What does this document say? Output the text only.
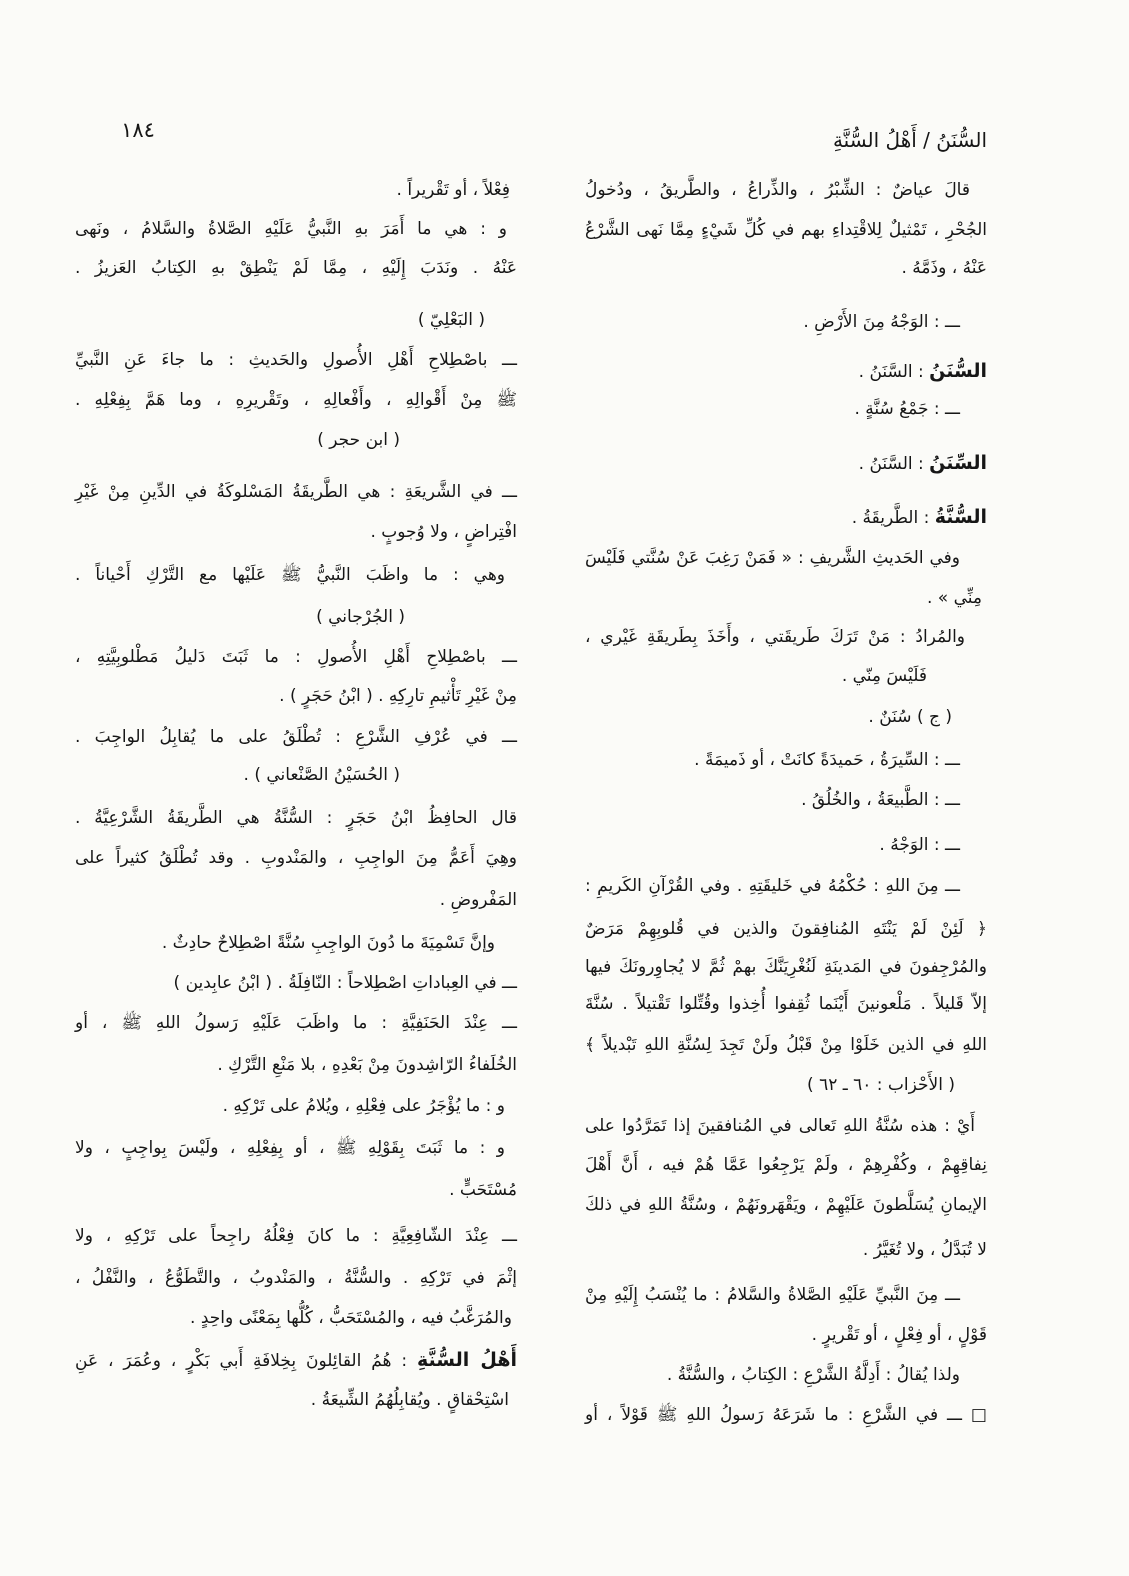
السُّنَنُ / أَهْلُ السُّنَّةِ
١٨٤
قالَ عياضٌ : الشِّبْرُ ، والذِّراعُ ، والطَّريقُ ، ودُخولُ
الجُحْرِ ، تَمْثيلٌ لِلاقْتِداءِ بهم في كُلِّ شَيْءٍ مِمَّا نَهى الشَّرْعُ
عَنْهُ ، وذَمَّهُ .
ـــ : الوَجْهُ مِنَ الأَرْضِ .
السُّنَنُ : السَّنَنُ .
ـــ : جَمْعُ سُنَّةٍ .
السِّنَنُ : السَّنَنُ .
السُّنَّةُ : الطَّريقَةُ .
وفي الحَديثِ الشَّريفِ : « فَمَنْ رَغِبَ عَنْ سُنَّتي فَلَيْسَ
مِنِّي » .
والمُرادُ : مَنْ تَرَكَ طَريقَتي ، وأَخَذَ بِطَريقَةِ غَيْري ،
فَلَيْسَ مِنّي .
( ج ) سُنَنٌ .
ـــ : السِّيرَةُ ، حَميدَةً كانَتْ ، أو ذَميمَةً .
ـــ : الطَّبيعَةُ ، والخُلُقُ .
ـــ : الوَجْهُ .
ـــ مِنَ اللهِ : حُكْمُهُ في خَليقَتِهِ . وفي القُرْآنِ الكَريمِ :
﴿ لَئِنْ لَمْ يَنْتَهِ المُنافِقونَ والذين في قُلوبِهِمْ مَرَضٌ
والمُرْجِفونَ في المَدينَةِ لَنُغْرِيَنَّكَ بهمْ ثُمَّ لا يُجاوِرونَكَ فيها
إلاّ قَليلاً . مَلْعونينَ أَيْنَما ثُقِفوا أُخِذوا وقُتِّلوا تَقْتيلاً . سُنَّةَ
اللهِ في الذين خَلَوْا مِنْ قَبْلُ ولَنْ تَجِدَ لِسُنَّةِ اللهِ تَبْديلاً ﴾
( الأَحْزاب : ٦٠ ـ ٦٢ )
أَيْ : هذه سُنَّةُ اللهِ تَعالى في المُنافقينَ إذا تَمَرَّدُوا على
نِفاقِهِمْ ، وكُفْرِهِمْ ، ولَمْ يَرْجِعُوا عَمَّا هُمْ فيه ، أَنَّ أَهْلَ
الإيمانِ يُسَلَّطونَ عَلَيْهِمْ ، ويَقْهَرونَهُمْ ، وسُنَّةُ اللهِ في ذلكَ
لا تُبَدَّلُ ، ولا تُغَيَّرُ .
ـــ مِنَ النَّبيِّ عَلَيْهِ الصَّلاةُ والسَّلامُ : ما يُنْسَبُ إِلَيْهِ مِنْ
قَوْلٍ ، أو فِعْلٍ ، أو تَقْريرٍ .
ولذا يُقالُ : أَدِلَّةُ الشَّرْعِ : الكِتابُ ، والسُّنَّةُ .
□ ـــ في الشَّرْعِ : ما شَرَعَهُ رَسولُ اللهِ ﷺ قَوْلاً ، أو
فِعْلاً ، أو تَقْريراً .
و : هي ما أَمَرَ بهِ النَّبيُّ عَلَيْهِ الصَّلاةُ والسَّلامُ ، ونَهى
عَنْهُ . ونَدَبَ إِلَيْهِ ، مِمَّا لَمْ يَنْطِقْ بهِ الكِتابُ العَزيزُ .
( البَعْلِيّ )
ـــ باصْطِلاحِ أَهْلِ الأُصولِ والحَديثِ : ما جاءَ عَنِ النَّبيِّ
ﷺ مِنْ أَقْوالِهِ ، وأَفْعالِهِ ، وتَقْريرِهِ ، وما هَمَّ بِفِعْلِهِ .
( ابن حجر )
ـــ في الشَّريعَةِ : هي الطَّريقَةُ المَسْلوكَةُ في الدِّينِ مِنْ غَيْرِ
افْتِراضٍ ، ولا وُجوبٍ .
وهي : ما واظَبَ النَّبيُّ ﷺ عَلَيْها مع التَّرْكِ أَحْياناً .
( الجُرْجاني )
ـــ باصْطِلاحِ أَهْلِ الأُصولِ : ما ثَبَتَ دَليلُ مَطْلوبِيَّتِهِ ،
مِنْ غَيْرِ تَأْثيمِ تارِكِهِ . ( ابْنُ حَجَرٍ ) .
ـــ في عُرْفِ الشَّرْعِ : تُطْلَقُ على ما يُقابِلُ الواجِبَ .
( الحُسَيْنُ الصَّنْعاني ) .
قال الحافِظُ ابْنُ حَجَرٍ : السُّنَّةُ هي الطَّريقَةُ الشَّرْعِيَّةُ .
وهِيَ أَعَمُّ مِنَ الواجِبِ ، والمَنْدوبِ . وقد تُطْلَقُ كثيراً على
المَفْروضِ .
وإنَّ تَسْمِيَةَ ما دُونَ الواجِبِ سُنَّةً اصْطِلاحٌ حادِثٌ .
ـــ في العِباداتِ اصْطِلاحاً : النّافِلَةُ . ( ابْنُ عابِدين )
ـــ عِنْدَ الحَنَفِيَّةِ : ما واظَبَ عَلَيْهِ رَسولُ اللهِ ﷺ ، أو
الخُلَفاءُ الرّاشِدونَ مِنْ بَعْدِهِ ، بلا مَنْعِ التَّرْكِ .
و : ما يُؤْجَرُ على فِعْلِهِ ، ويُلامُ على تَرْكِهِ .
و : ما ثَبَتَ بِقَوْلِهِ ﷺ ، أو بِفِعْلِهِ ، ولَيْسَ بِواجِبٍ ، ولا
مُسْتَحَبٍّ .
ـــ عِنْدَ الشّافِعِيَّةِ : ما كانَ فِعْلُهُ راجِحاً على تَرْكِهِ ، ولا
إثْمَ في تَرْكِهِ . والسُّنَّةُ ، والمَنْدوبُ ، والتَّطَوُّعُ ، والنَّفْلُ ،
والمُرَغَّبُ فيه ، والمُسْتَحَبُّ ، كُلُّها بِمَعْنًى واحِدٍ .
أَهْلُ السُّنَّةِ : هُمُ القائِلونَ بِخِلافَةِ أَبي بَكْرٍ ، وعُمَرَ ، عَنِ
اسْتِحْقاقٍ . ويُقابِلُهُمُ الشِّيعَةُ .
